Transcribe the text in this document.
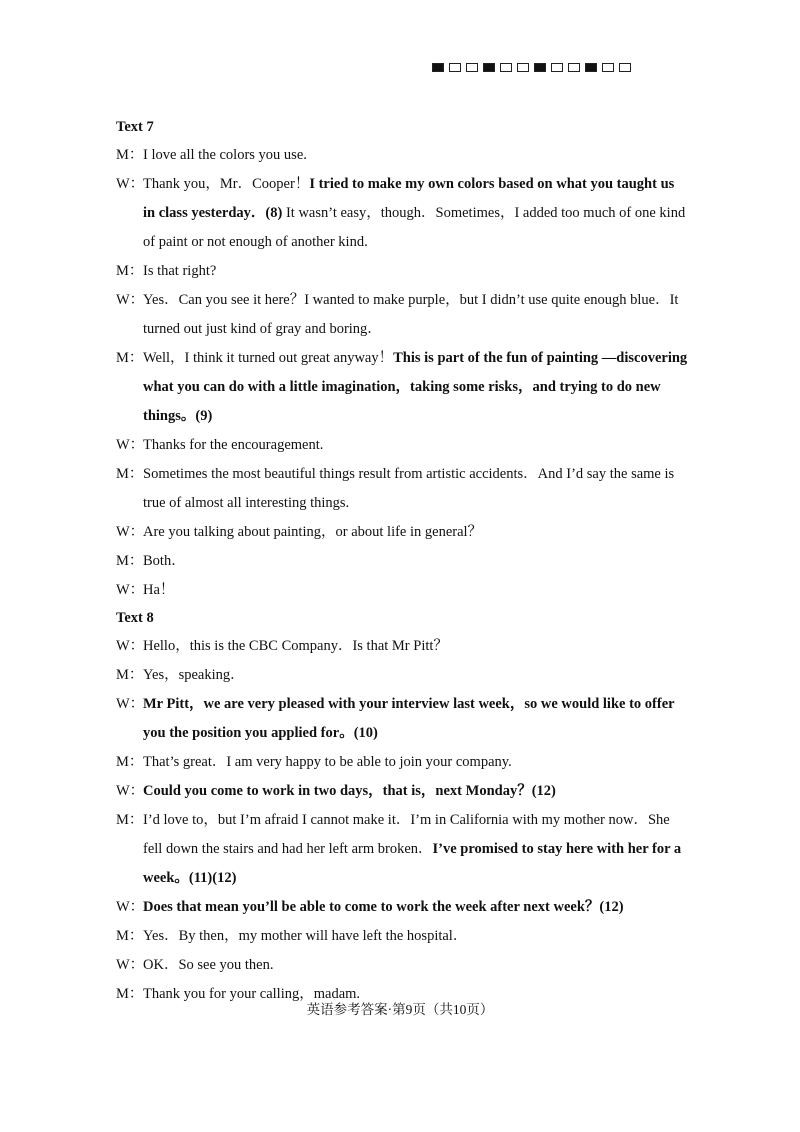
Text 7
M：I love all the colors you use.
W：Thank you，Mr．Cooper！I tried to make my own colors based on what you taught us in class yesterday．(8) It wasn’t easy，though．Sometimes，I added too much of one kind of paint or not enough of another kind.
M：Is that right?
W：Yes．Can you see it here？I wanted to make purple，but I didn’t use quite enough blue．It turned out just kind of gray and boring．
M：Well，I think it turned out great anyway！This is part of the fun of painting —discovering what you can do with a little imagination，taking some risks，and trying to do new things。(9)
W：Thanks for the encouragement.
M：Sometimes the most beautiful things result from artistic accidents．And I’d say the same is true of almost all interesting things.
W：Are you talking about painting，or about life in general？
M：Both．
W：Ha！
Text 8
W：Hello，this is the CBC Company．Is that Mr Pitt？
M：Yes，speaking．
W：Mr Pitt，we are very pleased with your interview last week，so we would like to offer you the position you applied for。(10)
M：That’s great．I am very happy to be able to join your company.
W：Could you come to work in two days，that is，next Monday？(12)
M：I’d love to，but I’m afraid I cannot make it．I’m in California with my mother now．She fell down the stairs and had her left arm broken．I’ve promised to stay here with her for a week。(11)(12)
W：Does that mean you’ll be able to come to work the week after next week？(12)
M：Yes．By then，my mother will have left the hospital．
W：OK．So see you then.
M：Thank you for your calling，madam.
英语参考答案·第9页（共10页）
